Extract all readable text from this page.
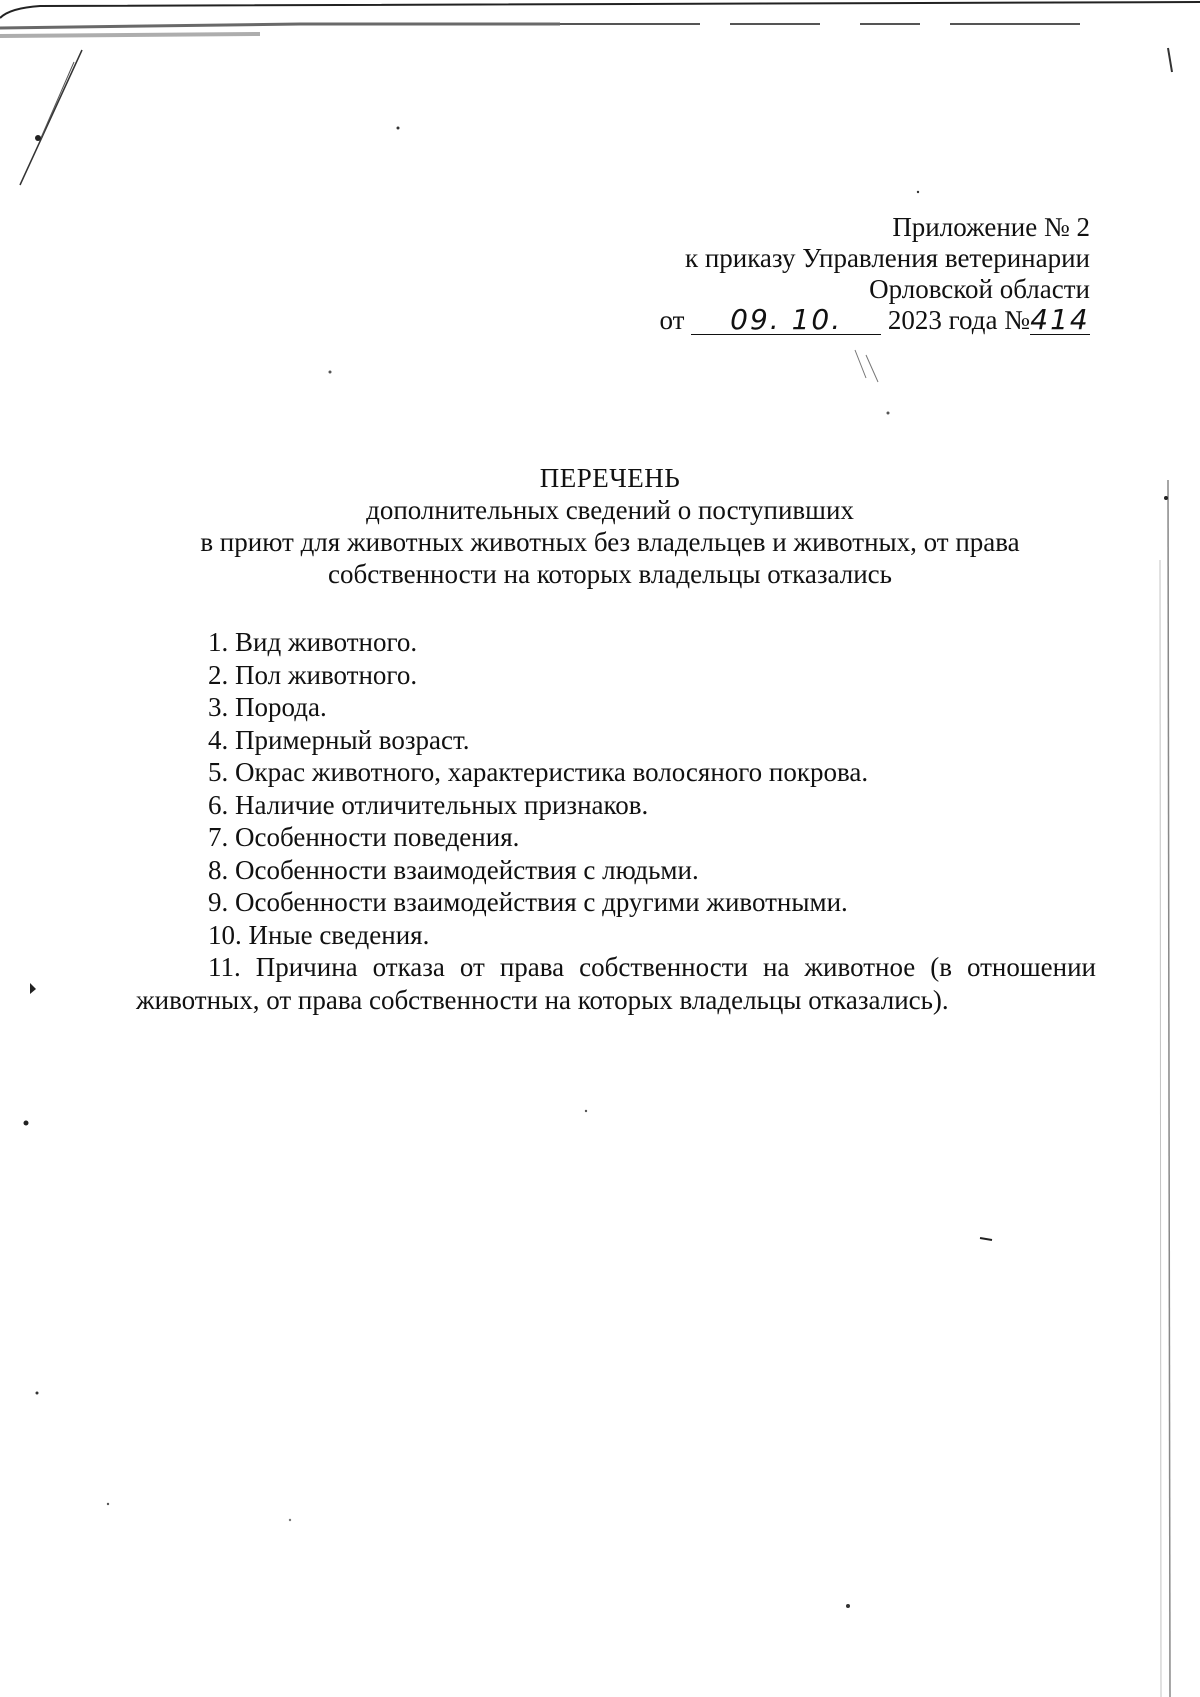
Приложение № 2
к приказу Управления ветеринарии
Орловской области
от 09. 10. 2023 года №414
ПЕРЕЧЕНЬ
дополнительных сведений о поступивших
в приют для животных животных без владельцев и животных, от права
собственности на которых владельцы отказались
1. Вид животного.
2. Пол животного.
3. Порода.
4. Примерный возраст.
5. Окрас животного, характеристика волосяного покрова.
6. Наличие отличительных признаков.
7. Особенности поведения.
8. Особенности взаимодействия с людьми.
9. Особенности взаимодействия с другими животными.
10. Иные сведения.
11. Причина отказа от права собственности на животное (в отношении животных, от права собственности на которых владельцы отказались).
